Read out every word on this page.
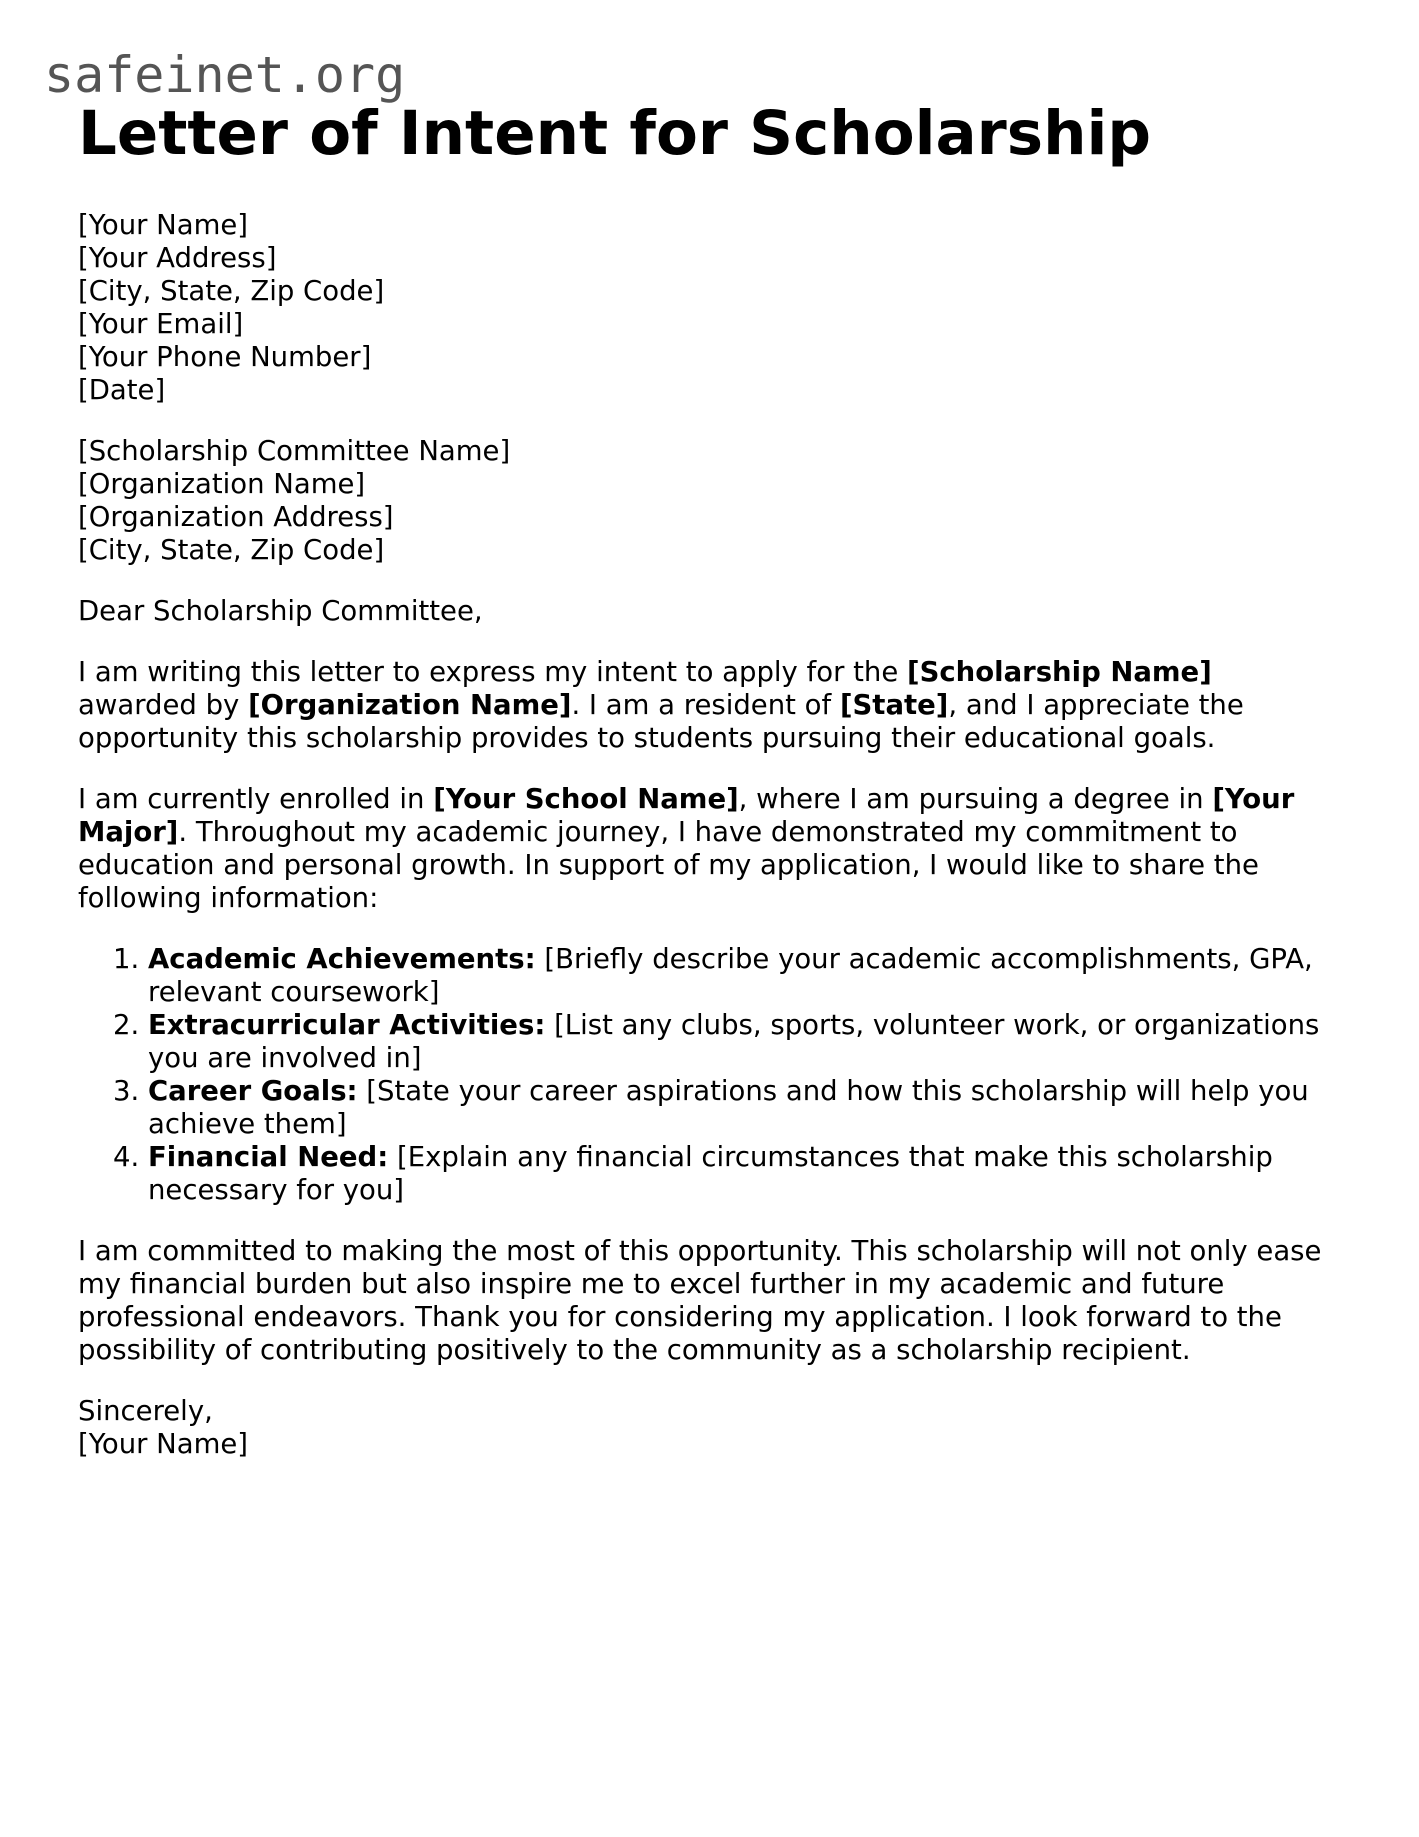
safeinet.org
Letter of Intent for Scholarship
[Your Name]
[Your Address]
[City, State, Zip Code]
[Your Email]
[Your Phone Number]
[Date]
[Scholarship Committee Name]
[Organization Name]
[Organization Address]
[City, State, Zip Code]

Dear Scholarship Committee,

I am writing this letter to express my intent to apply for the [Scholarship Name] awarded by [Organization Name]. I am a resident of [State], and I appreciate the opportunity this scholarship provides to students pursuing their educational goals.

I am currently enrolled in [Your School Name], where I am pursuing a degree in [Your Major]. Throughout my academic journey, I have demonstrated my commitment to education and personal growth. In support of my application, I would like to share the following information:

1. Academic Achievements: [Briefly describe your academic accomplishments, GPA, relevant coursework]
2. Extracurricular Activities: [List any clubs, sports, volunteer work, or organizations you are involved in]
3. Career Goals: [State your career aspirations and how this scholarship will help you achieve them]
4. Financial Need: [Explain any financial circumstances that make this scholarship necessary for you]

I am committed to making the most of this opportunity. This scholarship will not only ease my financial burden but also inspire me to excel further in my academic and future professional endeavors. Thank you for considering my application. I look forward to the possibility of contributing positively to the community as a scholarship recipient.

Sincerely,
[Your Name]
